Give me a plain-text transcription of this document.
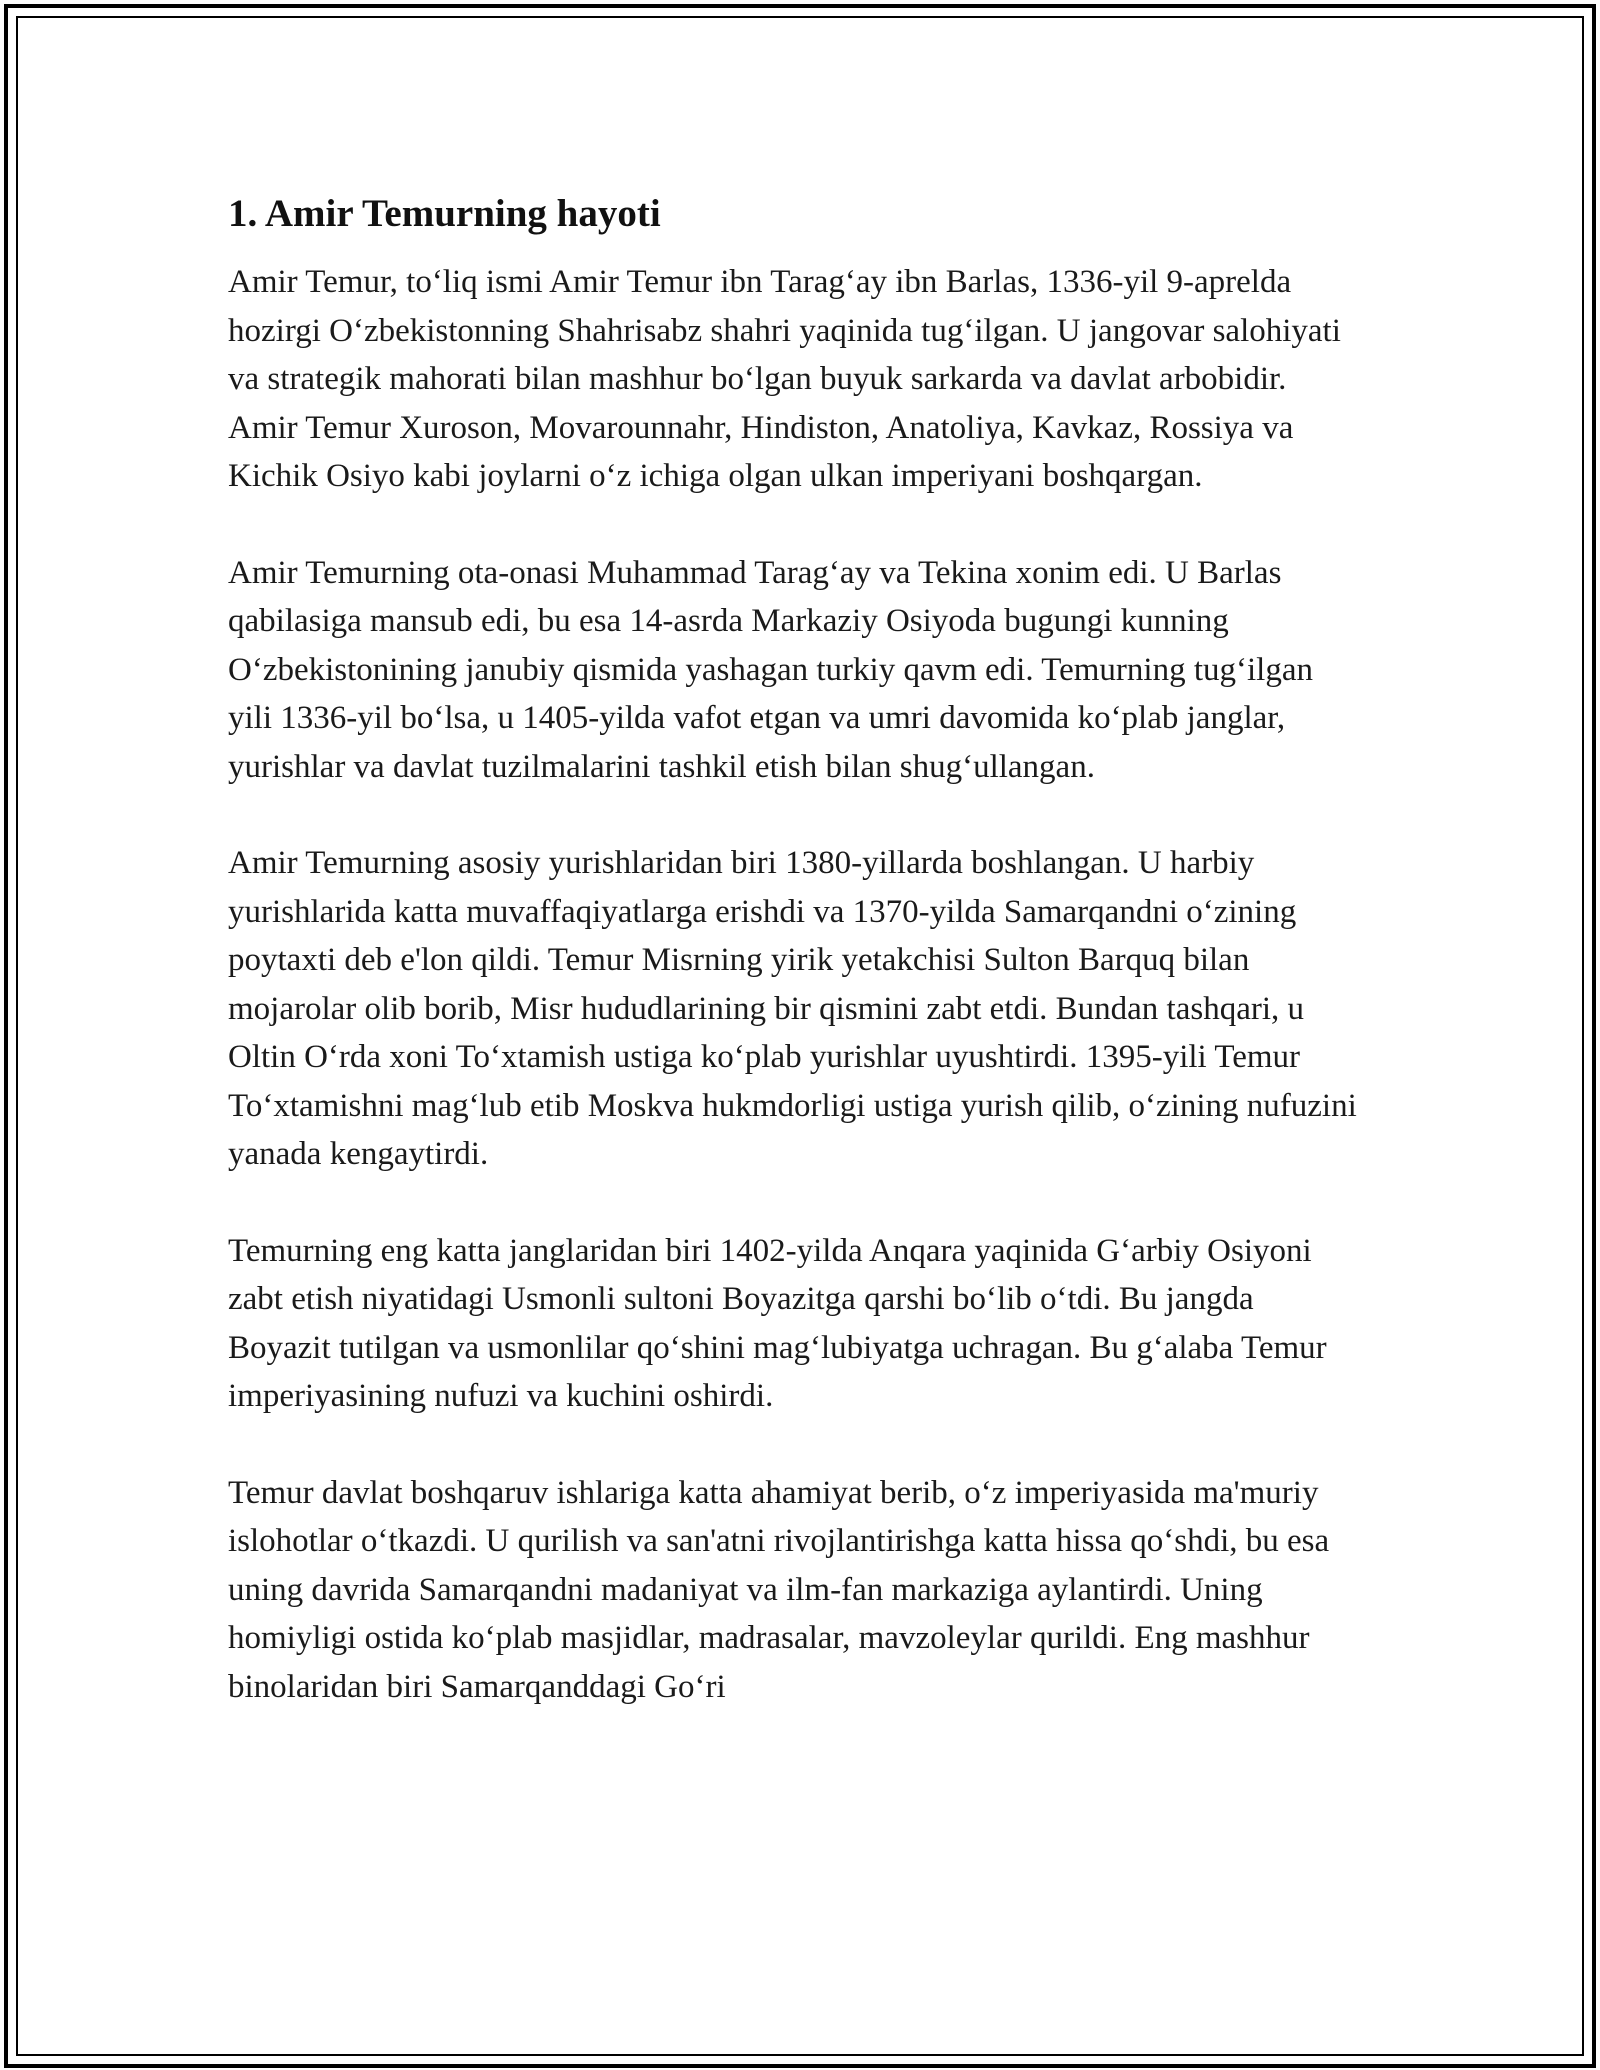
1. Amir Temurning hayoti

Amir Temur, to‘liq ismi Amir Temur ibn Tarag‘ay ibn Barlas, 1336-yil 9-aprelda hozirgi O‘zbekistonning Shahrisabz shahri yaqinida tug‘ilgan. U jangovar salohiyati va strategik mahorati bilan mashhur bo‘lgan buyuk sarkarda va davlat arbobidir. Amir Temur Xuroson, Movarounnahr, Hindiston, Anatoliya, Kavkaz, Rossiya va Kichik Osiyo kabi joylarni o‘z ichiga olgan ulkan imperiyani boshqargan.

Amir Temurning ota-onasi Muhammad Tarag‘ay va Tekina xonim edi. U Barlas qabilasiga mansub edi, bu esa 14-asrda Markaziy Osiyoda bugungi kunning O‘zbekistonining janubiy qismida yashagan turkiy qavm edi. Temurning tug‘ilgan yili 1336-yil bo‘lsa, u 1405-yilda vafot etgan va umri davomida ko‘plab janglar, yurishlar va davlat tuzilmalarini tashkil etish bilan shug‘ullangan.

Amir Temurning asosiy yurishlaridan biri 1380-yillarda boshlangan. U harbiy yurishlarida katta muvaffaqiyatlarga erishdi va 1370-yilda Samarqandni o‘zining poytaxti deb e'lon qildi. Temur Misrning yirik yetakchisi Sulton Barquq bilan mojarolar olib borib, Misr hududlarining bir qismini zabt etdi. Bundan tashqari, u Oltin O‘rda xoni To‘xtamish ustiga ko‘plab yurishlar uyushtirdi. 1395-yili Temur To‘xtamishni mag‘lub etib Moskva hukmdorligi ustiga yurish qilib, o‘zining nufuzini yanada kengaytirdi.

Temurning eng katta janglaridan biri 1402-yilda Anqara yaqinida G‘arbiy Osiyoni zabt etish niyatidagi Usmonli sultoni Boyazitga qarshi bo‘lib o‘tdi. Bu jangda Boyazit tutilgan va usmonlilar qo‘shini mag‘lubiyatga uchragan. Bu g‘alaba Temur imperiyasining nufuzi va kuchini oshirdi.

Temur davlat boshqaruv ishlariga katta ahamiyat berib, o‘z imperiyasida ma'muriy islohotlar o‘tkazdi. U qurilish va san'atni rivojlantirishga katta hissa qo‘shdi, bu esa uning davrida Samarqandni madaniyat va ilm-fan markaziga aylantirdi. Uning homiyligi ostida ko‘plab masjidlar, madrasalar, mavzoleylar qurildi. Eng mashhur binolaridan biri Samarqanddagi Go‘ri
